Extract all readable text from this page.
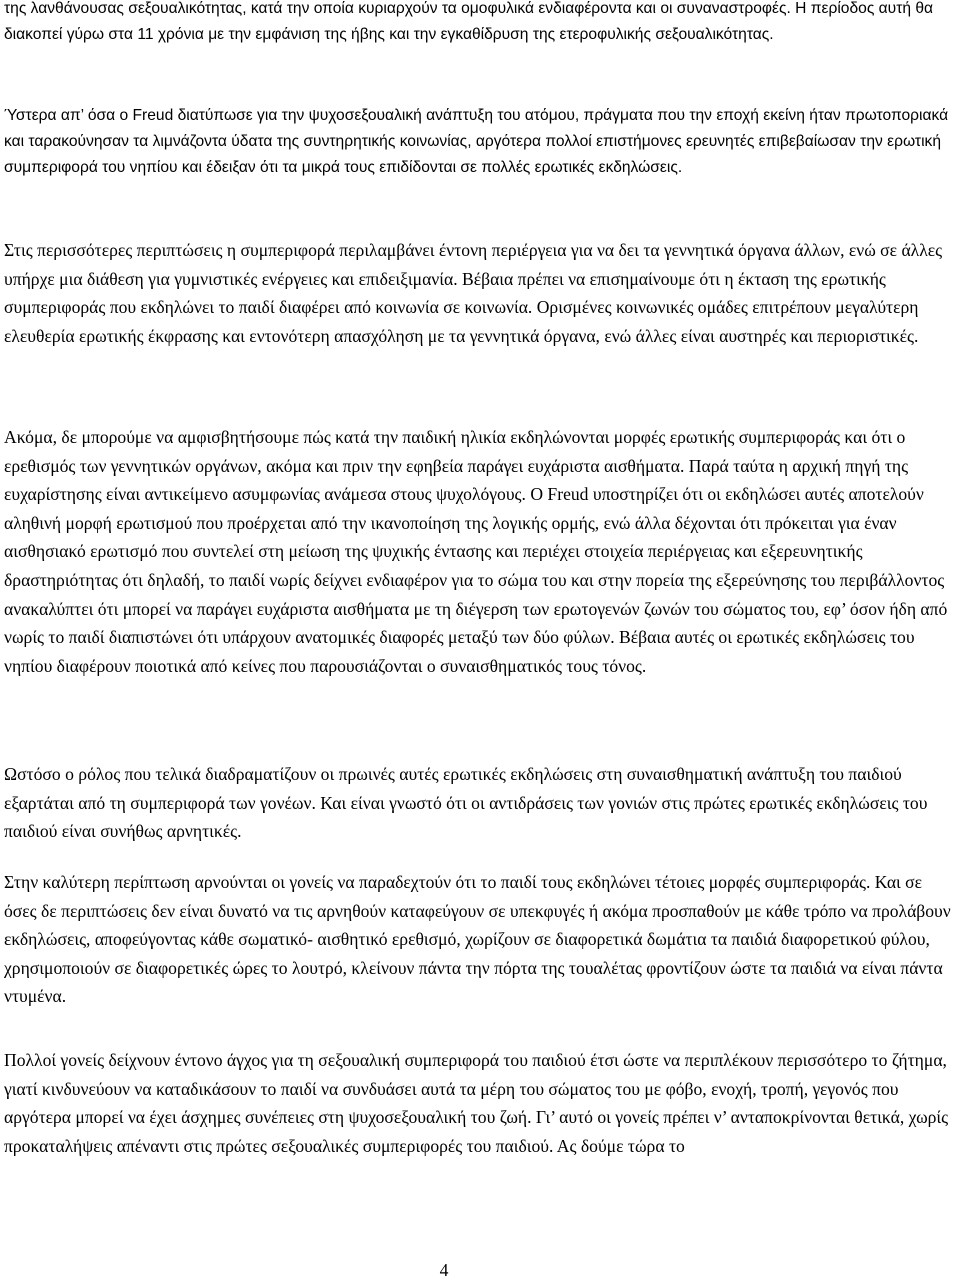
της λανθάνουσας σεξουαλικότητας, κατά την οποία κυριαρχούν τα ομοφυλικά ενδιαφέροντα και οι συναναστροφές. Η περίοδος αυτή θα διακοπεί γύρω στα 11 χρόνια με την εμφάνιση της ήβης και την εγκαθίδρυση της ετεροφυλικής σεξουαλικότητας.

Ύστερα απ’ όσα ο Freud διατύπωσε για την ψυχοσεξουαλική ανάπτυξη του ατόμου, πράγματα που την εποχή εκείνη ήταν πρωτοποριακά και ταρακούνησαν τα λιμνάζοντα ύδατα της συντηρητικής κοινωνίας, αργότερα πολλοί επιστήμονες ερευνητές επιβεβαίωσαν την ερωτική συμπεριφορά του νηπίου και έδειξαν ότι τα μικρά τους επιδίδονται σε πολλές ερωτικές εκδηλώσεις.

Στις περισσότερες περιπτώσεις η συμπεριφορά περιλαμβάνει έντονη περιέργεια για να δει τα γεννητικά όργανα άλλων, ενώ σε άλλες υπήρχε μια διάθεση για γυμνιστικές ενέργειες και επιδειξιμανία. Βέβαια πρέπει να επισημαίνουμε ότι η έκταση της ερωτικής συμπεριφοράς που εκδηλώνει το παιδί διαφέρει από κοινωνία σε κοινωνία. Ορισμένες κοινωνικές ομάδες επιτρέπουν μεγαλύτερη ελευθερία ερωτικής έκφρασης και εντονότερη απασχόληση με τα γεννητικά όργανα, ενώ άλλες είναι αυστηρές και περιοριστικές.

Ακόμα, δε μπορούμε να αμφισβητήσουμε πώς κατά την παιδική ηλικία εκδηλώνονται μορφές ερωτικής συμπεριφοράς και ότι ο ερεθισμός των γεννητικών οργάνων, ακόμα και πριν την εφηβεία παράγει ευχάριστα αισθήματα. Παρά ταύτα η αρχική πηγή της ευχαρίστησης είναι αντικείμενο ασυμφωνίας ανάμεσα στους ψυχολόγους. Ο Freud υποστηρίζει ότι οι εκδηλώσει αυτές αποτελούν αληθινή μορφή ερωτισμού που προέρχεται από την ικανοποίηση της λογικής ορμής, ενώ άλλα δέχονται ότι πρόκειται για έναν αισθησιακό ερωτισμό που συντελεί στη μείωση της ψυχικής έντασης και περιέχει στοιχεία περιέργειας και εξερευνητικής δραστηριότητας ότι δηλαδή, το παιδί νωρίς δείχνει ενδιαφέρον για το σώμα του και στην πορεία της εξερεύνησης του περιβάλλοντος ανακαλύπτει ότι μπορεί να παράγει ευχάριστα αισθήματα με τη διέγερση των ερωτογενών ζωνών του σώματος του, εφ’ όσον ήδη από νωρίς το παιδί διαπιστώνει ότι υπάρχουν ανατομικές διαφορές μεταξύ των δύο φύλων. Βέβαια αυτές οι ερωτικές εκδηλώσεις του νηπίου διαφέρουν ποιοτικά από κείνες που παρουσιάζονται ο συναισθηματικός τους τόνος.

Ωστόσο ο ρόλος που τελικά διαδραματίζουν οι πρωινές αυτές ερωτικές εκδηλώσεις στη συναισθηματική ανάπτυξη του παιδιού εξαρτάται από τη συμπεριφορά των γονέων. Και είναι γνωστό ότι οι αντιδράσεις των γονιών στις πρώτες ερωτικές εκδηλώσεις του παιδιού είναι συνήθως αρνητικές.

Στην καλύτερη περίπτωση αρνούνται οι γονείς να παραδεχτούν ότι το παιδί τους εκδηλώνει τέτοιες μορφές συμπεριφοράς. Και σε όσες δε περιπτώσεις δεν είναι δυνατό να τις αρνηθούν καταφεύγουν σε υπεκφυγές ή ακόμα προσπαθούν με κάθε τρόπο να προλάβουν εκδηλώσεις, αποφεύγοντας κάθε σωματικό- αισθητικό ερεθισμό, χωρίζουν σε διαφορετικά δωμάτια τα παιδιά διαφορετικού φύλου, χρησιμοποιούν σε διαφορετικές ώρες το λουτρό, κλείνουν πάντα την πόρτα της τουαλέτας φροντίζουν ώστε τα παιδιά να είναι πάντα ντυμένα.

Πολλοί γονείς δείχνουν έντονο άγχος για τη σεξουαλική συμπεριφορά του παιδιού έτσι ώστε να περιπλέκουν περισσότερο το ζήτημα, γιατί κινδυνεύουν να καταδικάσουν το παιδί να συνδυάσει αυτά τα μέρη του σώματος του με φόβο, ενοχή, τροπή, γεγονός που αργότερα μπορεί να έχει άσχημες συνέπειες στη ψυχοσεξουαλική του ζωή. Γι’ αυτό οι γονείς πρέπει ν’ ανταποκρίνονται θετικά, χωρίς προκαταλήψεις απέναντι στις πρώτες σεξουαλικές συμπεριφορές του παιδιού. Ας δούμε τώρα το

4
